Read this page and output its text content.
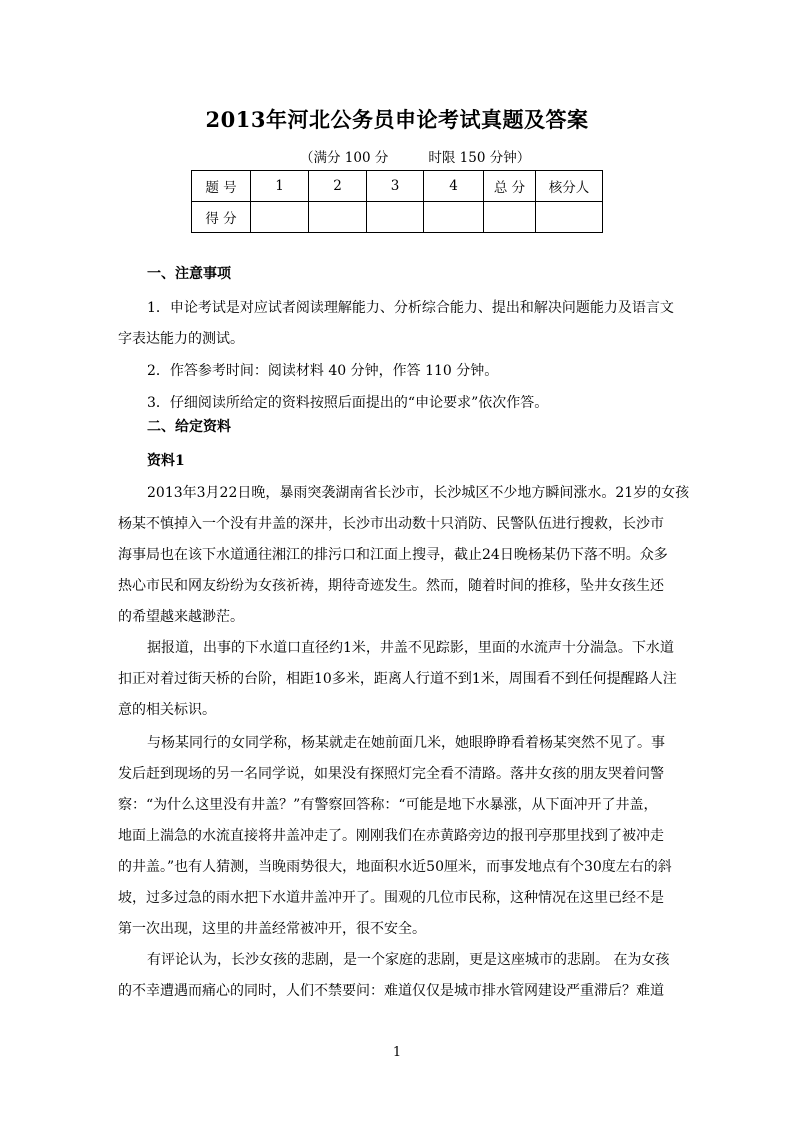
2013年河北公务员申论考试真题及答案
（满分 100 分	时限 150 分钟）
题 号	1	2	3	4	总 分	核分人
得 分						
一、注意事项
1．申论考试是对应试者阅读理解能力、分析综合能力、提出和解决问题能力及语言文
字表达能力的测试。
2．作答参考时间：阅读材料 40 分钟，作答 110 分钟。
3．仔细阅读所给定的资料按照后面提出的“申论要求”依次作答。
二、给定资料
资料1
2013年3月22日晚，暴雨突袭湖南省长沙市，长沙城区不少地方瞬间涨水。21岁的女孩
杨某不慎掉入一个没有井盖的深井，长沙市出动数十只消防、民警队伍进行搜救，长沙市
海事局也在该下水道通往湘江的排污口和江面上搜寻，截止24日晚杨某仍下落不明。众多
热心市民和网友纷纷为女孩祈祷，期待奇迹发生。然而，随着时间的推移，坠井女孩生还
的希望越来越渺茫。
据报道，出事的下水道口直径约1米，井盖不见踪影，里面的水流声十分湍急。下水道
扣正对着过街天桥的台阶，相距10多米，距离人行道不到1米，周围看不到任何提醒路人注
意的相关标识。
与杨某同行的女同学称，杨某就走在她前面几米，她眼睁睁看着杨某突然不见了。事
发后赶到现场的另一名同学说，如果没有探照灯完全看不清路。落井女孩的朋友哭着问警
察：“为什么这里没有井盖？”有警察回答称：“可能是地下水暴涨，从下面冲开了井盖，
地面上湍急的水流直接将井盖冲走了。刚刚我们在赤黄路旁边的报刊亭那里找到了被冲走
的井盖。”也有人猜测，当晚雨势很大，地面积水近50厘米，而事发地点有个30度左右的斜
坡，过多过急的雨水把下水道井盖冲开了。围观的几位市民称，这种情况在这里已经不是
第一次出现，这里的井盖经常被冲开，很不安全。
有评论认为，长沙女孩的悲剧，是一个家庭的悲剧，更是这座城市的悲剧。 在为女孩
的不幸遭遇而痛心的同时，人们不禁要问：难道仅仅是城市排水管网建设严重滞后？难道
1
